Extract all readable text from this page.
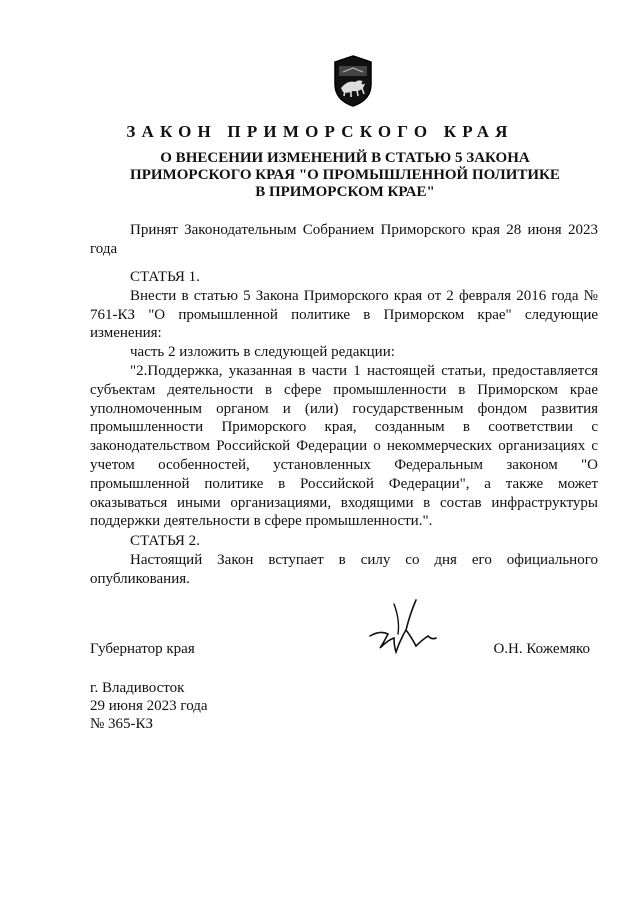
ЗАКОН ПРИМОРСКОГО КРАЯ
О ВНЕСЕНИИ ИЗМЕНЕНИЙ В СТАТЬЮ 5 ЗАКОНА
ПРИМОРСКОГО КРАЯ "О ПРОМЫШЛЕННОЙ ПОЛИТИКЕ
В ПРИМОРСКОМ КРАЕ"

Принят Законодательным Собранием Приморского края 28 июня 2023 года

СТАТЬЯ 1.

Внести в статью 5 Закона Приморского края от 2 февраля 2016 года № 761-КЗ "О промышленной политике в Приморском крае" следующие изменения:

часть 2 изложить в следующей редакции:

"2.Поддержка, указанная в части 1 настоящей статьи, предоставляется субъектам деятельности в сфере промышленности в Приморском крае уполномоченным органом и (или) государственным фондом развития промышленности Приморского края, созданным в соответствии с законодательством Российской Федерации о некоммерческих организациях с учетом особенностей, установленных Федеральным законом "О промышленной политике в Российской Федерации", а также может оказываться иными организациями, входящими в состав инфраструктуры поддержки деятельности в сфере промышленности.".

СТАТЬЯ 2.

Настоящий Закон вступает в силу со дня его официального опубликования.

Губернатор края	О.Н. Кожемяко
г. Владивосток
29 июня 2023 года
№ 365-КЗ
